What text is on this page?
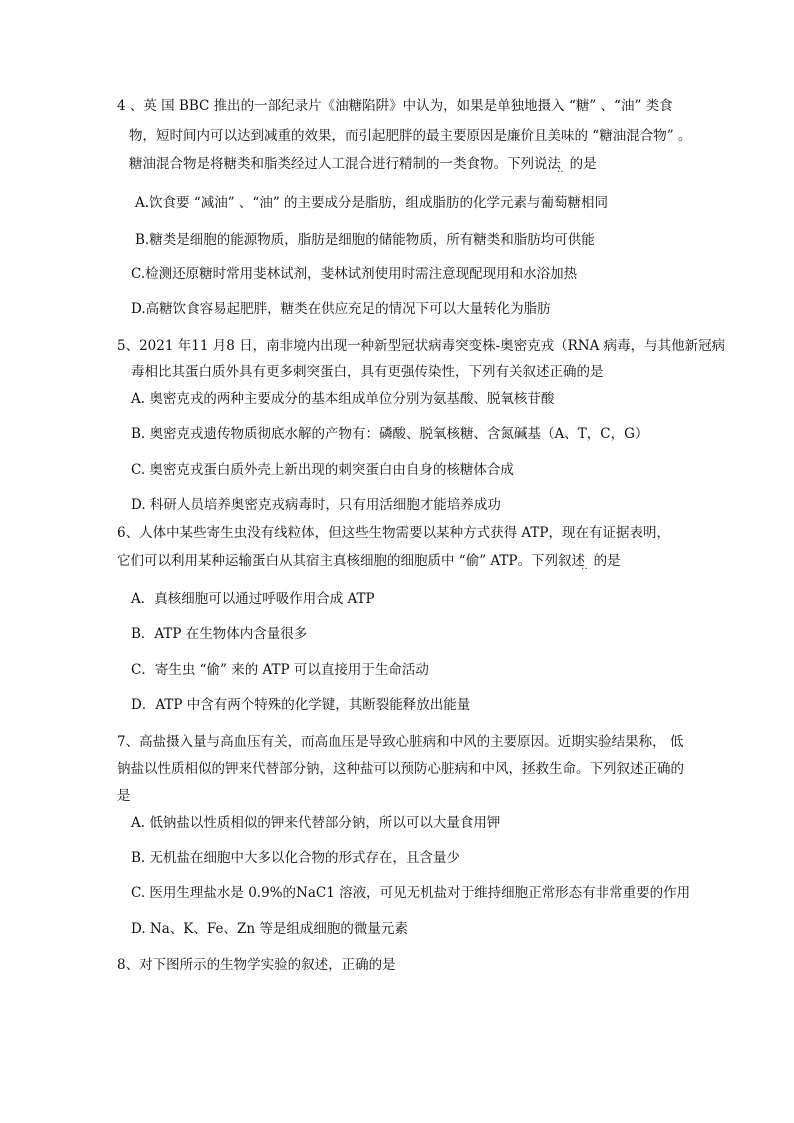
4 、英 国 BBC 推出的一部纪录片《油糖陷阱》中认为，如果是单独地摄入 “糖” 、“油” 类食
物，短时间内可以达到减重的效果，而引起肥胖的最主要原因是廉价且美味的 “糖油混合物” 。
糖油混合物是将糖类和脂类经过人工混合进行精制的一类食物。下列说法​   ‥的是
A.饮食要 “减油” 、“油” 的主要成分是脂肪，组成脂肪的化学元素与葡萄糖相同
B.糖类是细胞的能源物质，脂肪是细胞的储能物质，所有糖类和脂肪均可供能
C.检测还原糖时常用斐林试剂，斐林试剂使用时需注意现配现用和水浴加热
D.高糖饮食容易起肥胖，糖类在供应充足的情况下可以大量转化为脂肪
5、2021 年11 月8 日，南非境内出现一种新型冠状病毒突变株-奥密克戎（RNA 病毒，与其他新冠病
毒相比其蛋白质外具有更多刺突蛋白，具有更强传染性，下列有关叙述正确的是
A. 奥密克戎的两种主要成分的基本组成单位分别为氨基酸、脱氧核苷酸
B. 奥密克戎遗传物质彻底水解的产物有：磷酸、脱氧核糖、含氮碱基（A、T，C，G）
C. 奥密克戎蛋白质外壳上新出现的刺突蛋白由自身的核糖体合成
D. 科研人员培养奥密克戎病毒时，只有用活细胞才能培养成功
6、人体中某些寄生虫没有线粒体，但这些生物需要以某种方式获得 ATP，现在有证据表明，
它们可以利用某种运输蛋白从其宿主真核细胞的细胞质中 “偷” ATP。下列叙述​   ‥的是
A．真核细胞可以通过呼吸作用合成 ATP
B．ATP 在生物体内含量很多
C．寄生虫 “偷” 来的 ATP 可以直接用于生命活动
D．ATP 中含有两个特殊的化学键，其断裂能释放出能量
7、高盐摄入量与高血压有关，而高血压是导致心脏病和中风的主要原因。近期实验结果称， 低
钠盐以性质相似的钾来代替部分钠，这种盐可以预防心脏病和中风，拯救生命。下列叙述正确的
是
A. 低钠盐以性质相似的钾来代替部分钠，所以可以大量食用钾
B. 无机盐在细胞中大多以化合物的形式存在，且含量少
C. 医用生理盐水是 0.9%的NaC1 溶液，可见无机盐对于维持细胞正常形态有非常重要的作用
D. Na、K、Fe、Zn 等是组成细胞的微量元素
8、对下图所示的生物学实验的叙述，正确的是
